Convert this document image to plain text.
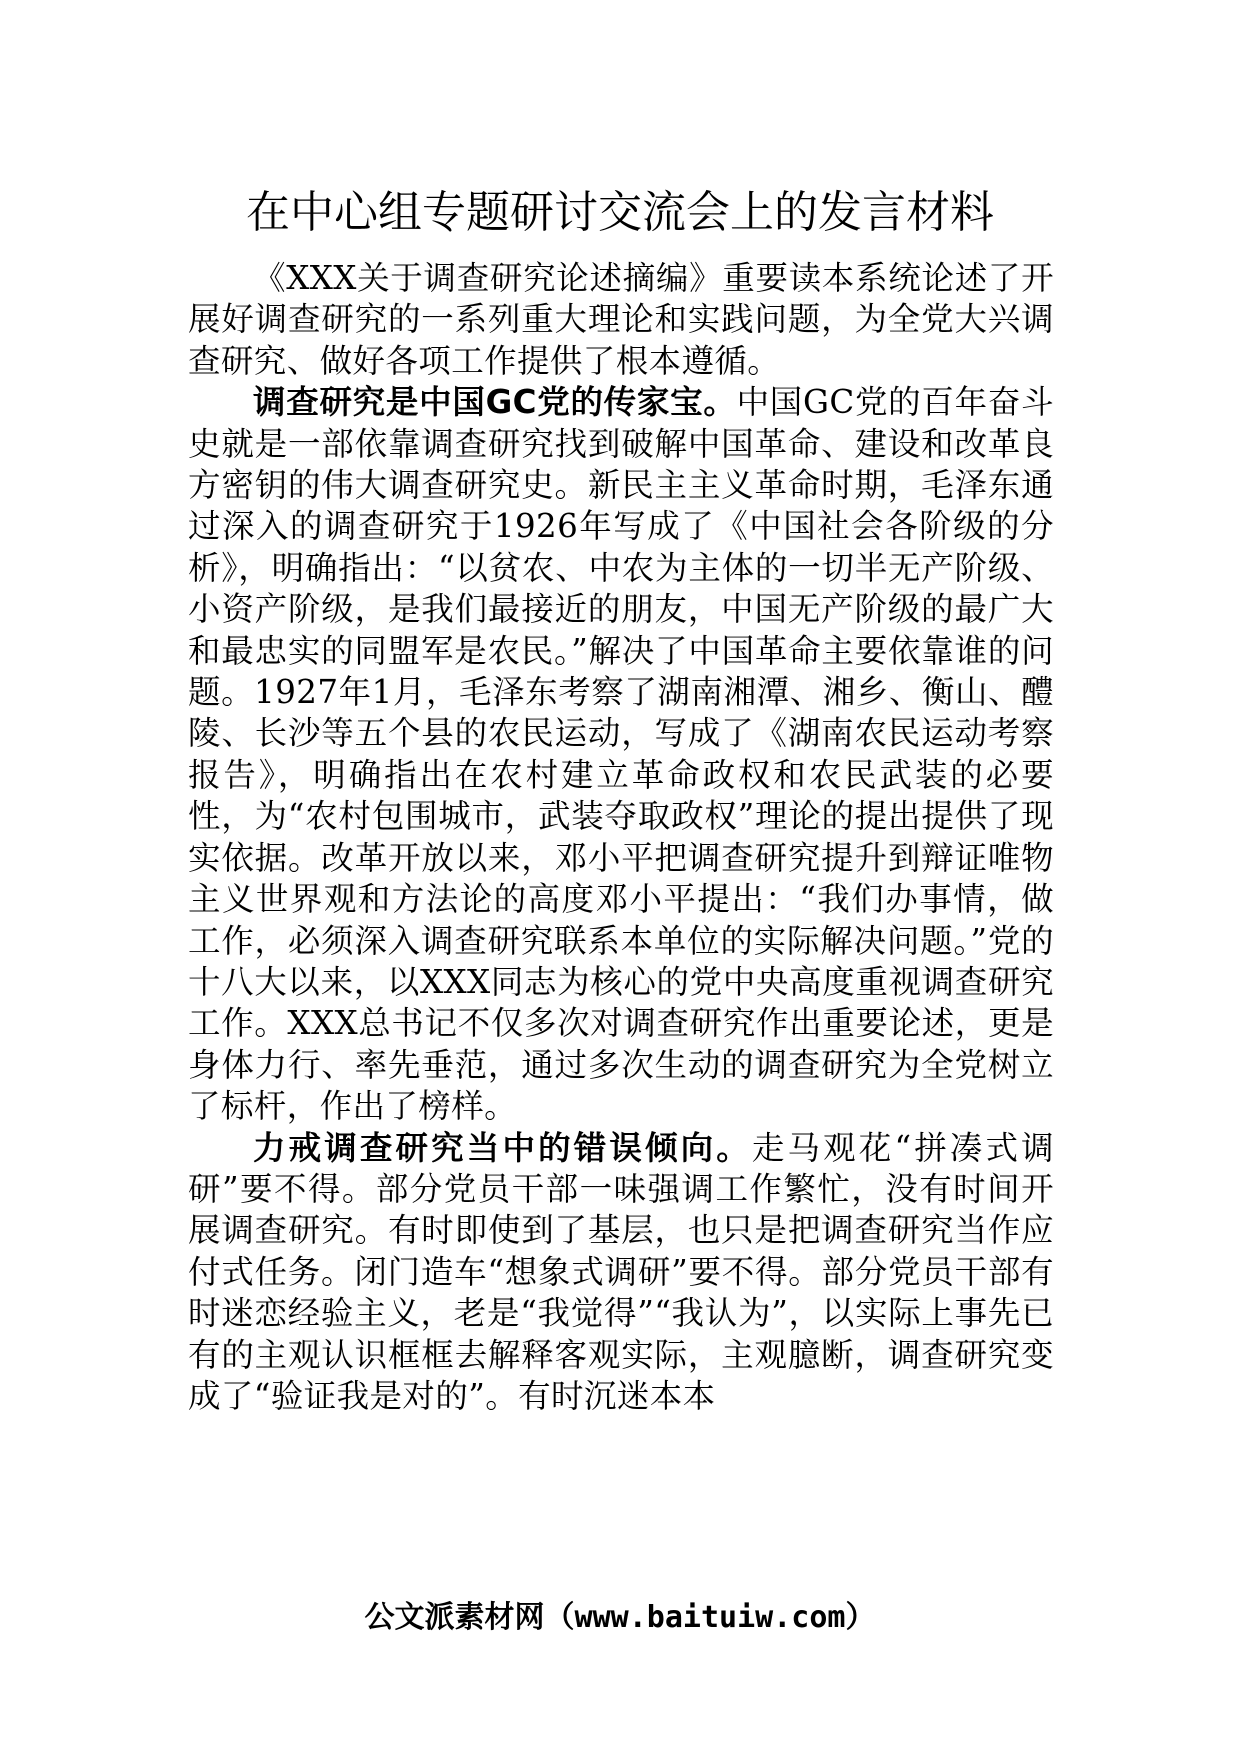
在中心组专题研讨交流会上的发言材料

《XXX关于调查研究论述摘编》重要读本系统论述了开展好调查研究的一系列重大理论和实践问题，为全党大兴调查研究、做好各项工作提供了根本遵循。

调查研究是中国GC党的传家宝。中国GC党的百年奋斗史就是一部依靠调查研究找到破解中国革命、建设和改革良方密钥的伟大调查研究史。新民主主义革命时期，毛泽东通过深入的调查研究于1926年写成了《中国社会各阶级的分析》，明确指出：“以贫农、中农为主体的一切半无产阶级、小资产阶级，是我们最接近的朋友，中国无产阶级的最广大和最忠实的同盟军是农民。”解决了中国革命主要依靠谁的问题。1927年1月，毛泽东考察了湖南湘潭、湘乡、衡山、醴陵、长沙等五个县的农民运动，写成了《湖南农民运动考察报告》，明确指出在农村建立革命政权和农民武装的必要性，为“农村包围城市，武装夺取政权”理论的提出提供了现实依据。改革开放以来，邓小平把调查研究提升到辩证唯物主义世界观和方法论的高度邓小平提出：“我们办事情，做工作，必须深入调查研究联系本单位的实际解决问题。”党的十八大以来，以XXX同志为核心的党中央高度重视调查研究工作。XXX总书记不仅多次对调查研究作出重要论述，更是身体力行、率先垂范，通过多次生动的调查研究为全党树立了标杆，作出了榜样。

力戒调查研究当中的错误倾向。走马观花“拼凑式调研”要不得。部分党员干部一味强调工作繁忙，没有时间开展调查研究。有时即使到了基层，也只是把调查研究当作应付式任务。闭门造车“想象式调研”要不得。部分党员干部有时迷恋经验主义，老是“我觉得”“我认为”，以实际上事先已有的主观认识框框去解释客观实际，主观臆断，调查研究变成了“验证我是对的”。有时沉迷本本

公文派素材网（www.baituiw.com）
